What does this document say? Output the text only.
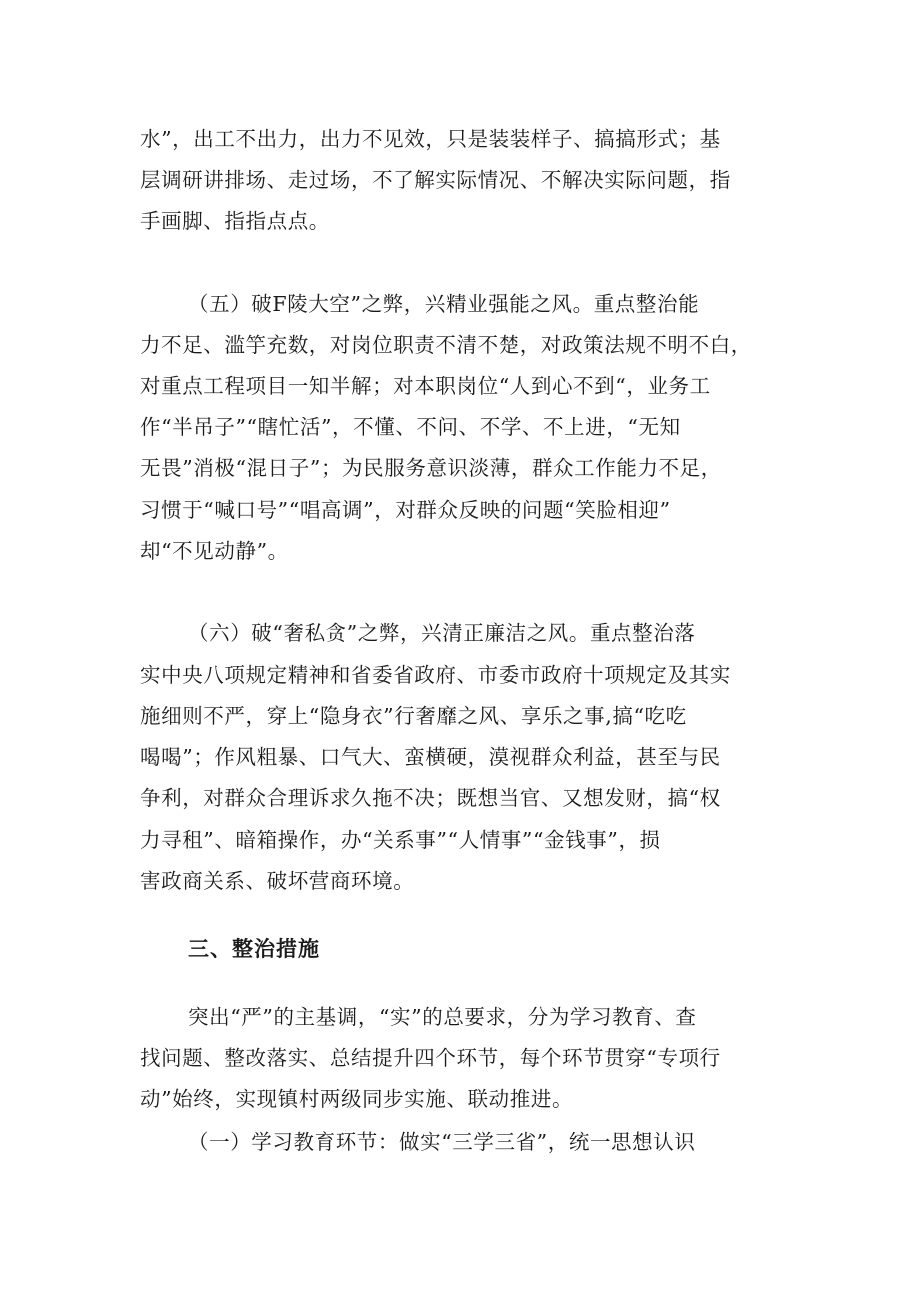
水”，出工不出力，出力不见效，只是装装样子、搞搞形式；基
层调研讲排场、走过场，不了解实际情况、不解决实际问题，指
手画脚、指指点点。
（五）破F陵大空”之弊，兴精业强能之风。重点整治能
力不足、滥竽充数，对岗位职责不清不楚，对政策法规不明不白，
对重点工程项目一知半解；对本职岗位“人到心不到“，业务工
作“半吊子”“瞎忙活”，不懂、不问、不学、不上进，“无知
无畏”消极“混日子”；为民服务意识淡薄，群众工作能力不足，
习惯于“喊口号”“唱高调”，对群众反映的问题“笑脸相迎”
却“不见动静”。
（六）破“奢私贪”之弊，兴清正廉洁之风。重点整治落
实中央八项规定精神和省委省政府、市委市政府十项规定及其实
施细则不严，穿上“隐身衣”行奢靡之风、享乐之事,搞“吃吃
喝喝”；作风粗暴、口气大、蛮横硬，漠视群众利益，甚至与民
争利，对群众合理诉求久拖不决；既想当官、又想发财，搞“权
力寻租”、暗箱操作，办“关系事”“人情事”“金钱事”，损
害政商关系、破坏营商环境。
三、整治措施
突出“严”的主基调，“实”的总要求，分为学习教育、查
找问题、整改落实、总结提升四个环节，每个环节贯穿“专项行
动”始终，实现镇村两级同步实施、联动推进。
（一）学习教育环节：做实“三学三省”，统一思想认识
